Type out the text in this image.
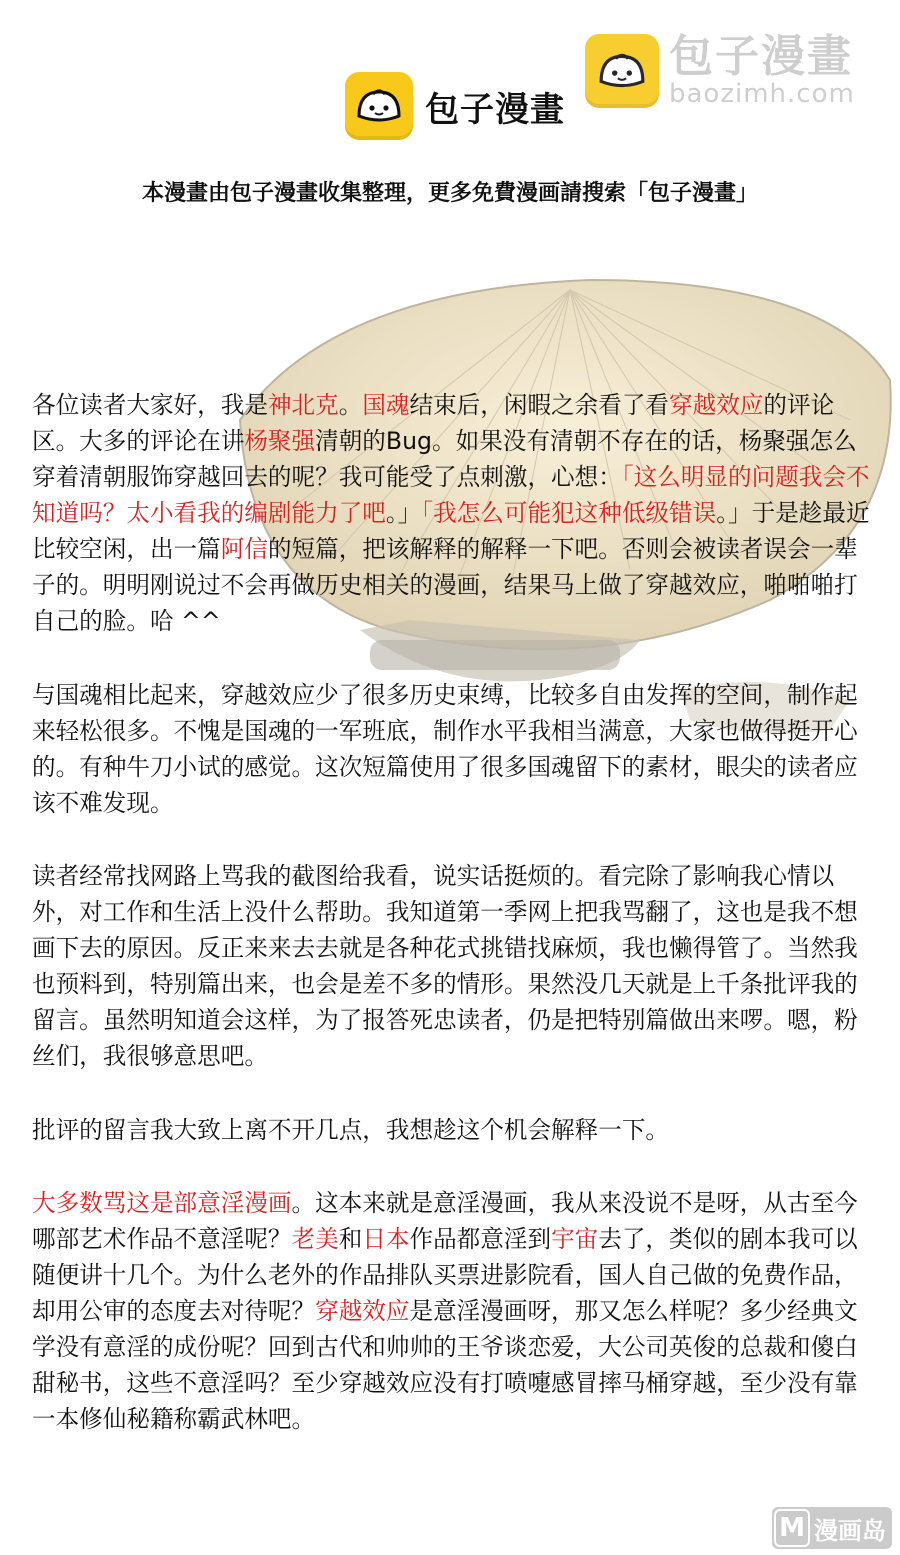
包子漫畫
包子漫畫
baozimh.com
本漫畫由包子漫畫收集整理，更多免費漫画請搜索「包子漫畫」
各位读者大家好，我是神北克。国魂结束后，闲暇之余看了看穿越效应的评论区。大多的评论在讲杨聚强清朝的Bug。如果没有清朝不存在的话，杨聚强怎么穿着清朝服饰穿越回去的呢？我可能受了点刺激，心想：「这么明显的问题我会不知道吗？太小看我的编剧能力了吧。」「我怎么可能犯这种低级错误。」于是趁最近比较空闲，出一篇阿信的短篇，把该解释的解释一下吧。否则会被读者误会一辈子的。明明刚说过不会再做历史相关的漫画，结果马上做了穿越效应，啪啪啪打自己的脸。哈 ^^
与国魂相比起来，穿越效应少了很多历史束缚，比较多自由发挥的空间，制作起来轻松很多。不愧是国魂的一军班底，制作水平我相当满意，大家也做得挺开心的。有种牛刀小试的感觉。这次短篇使用了很多国魂留下的素材，眼尖的读者应该不难发现。
读者经常找网路上骂我的截图给我看，说实话挺烦的。看完除了影响我心情以外，对工作和生活上没什么帮助。我知道第一季网上把我骂翻了，这也是我不想画下去的原因。反正来来去去就是各种花式挑错找麻烦，我也懒得管了。当然我也预料到，特别篇出来，也会是差不多的情形。果然没几天就是上千条批评我的留言。虽然明知道会这样，为了报答死忠读者，仍是把特别篇做出来啰。嗯，粉丝们，我很够意思吧。
批评的留言我大致上离不开几点，我想趁这个机会解释一下。
大多数骂这是部意淫漫画。这本来就是意淫漫画，我从来没说不是呀，从古至今哪部艺术作品不意淫呢？老美和日本作品都意淫到宇宙去了，类似的剧本我可以随便讲十几个。为什么老外的作品排队买票进影院看，国人自己做的免费作品，却用公审的态度去对待呢？穿越效应是意淫漫画呀，那又怎么样呢？多少经典文学没有意淫的成份呢？回到古代和帅帅的王爷谈恋爱，大公司英俊的总裁和傻白甜秘书，这些不意淫吗？至少穿越效应没有打喷嚏感冒摔马桶穿越，至少没有靠一本修仙秘籍称霸武林吧。
M 漫画岛
